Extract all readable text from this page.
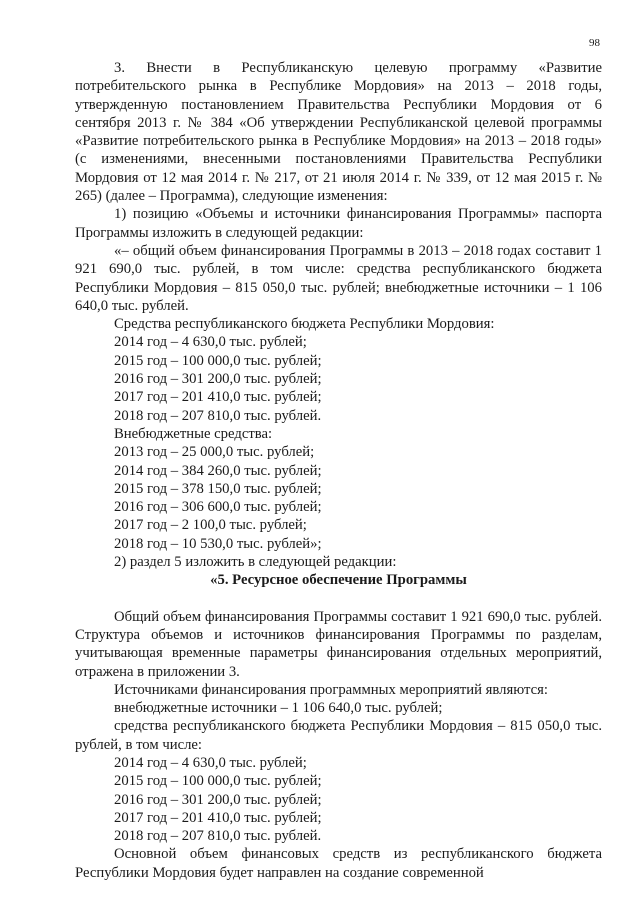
98

3. Внести в Республиканскую целевую программу «Развитие потребительского рынка в Республике Мордовия» на 2013 – 2018 годы, утвержденную постановлением Правительства Республики Мордовия от 6 сентября 2013 г. № 384 «Об утверждении Республиканской целевой программы «Развитие потребительского рынка в Республике Мордовия» на 2013 – 2018 годы» (с изменениями, внесенными постановлениями Правительства Республики Мордовия от 12 мая 2014 г. № 217, от 21 июля 2014 г. № 339, от 12 мая 2015 г. № 265) (далее – Программа), следующие изменения:

1) позицию «Объемы и источники финансирования Программы» паспорта Программы изложить в следующей редакции:

«– общий объем финансирования Программы в 2013 – 2018 годах составит 1 921 690,0 тыс. рублей, в том числе: средства республиканского бюджета Республики Мордовия – 815 050,0 тыс. рублей; внебюджетные источники – 1 106 640,0 тыс. рублей.

Средства республиканского бюджета Республики Мордовия:

2014 год – 4 630,0 тыс. рублей;

2015 год – 100 000,0 тыс. рублей;

2016 год – 301 200,0 тыс. рублей;

2017 год – 201 410,0 тыс. рублей;

2018 год – 207 810,0 тыс. рублей.

Внебюджетные средства:

2013 год – 25 000,0 тыс. рублей;

2014 год – 384 260,0 тыс. рублей;

2015 год – 378 150,0 тыс. рублей;

2016 год – 306 600,0 тыс. рублей;

2017 год – 2 100,0 тыс. рублей;

2018 год – 10 530,0 тыс. рублей»;

2) раздел 5 изложить в следующей редакции:

«5. Ресурсное обеспечение Программы

Общий объем финансирования Программы составит 1 921 690,0 тыс. рублей. Структура объемов и источников финансирования Программы по разделам, учитывающая временные параметры финансирования отдельных мероприятий, отражена в приложении 3.

Источниками финансирования программных мероприятий являются:

внебюджетные источники – 1 106 640,0 тыс. рублей;

средства республиканского бюджета Республики Мордовия – 815 050,0 тыс. рублей, в том числе:

2014 год – 4 630,0 тыс. рублей;

2015 год – 100 000,0 тыс. рублей;

2016 год – 301 200,0 тыс. рублей;

2017 год – 201 410,0 тыс. рублей;

2018 год – 207 810,0 тыс. рублей.

Основной объем финансовых средств из республиканского бюджета Республики Мордовия будет направлен на создание современной
